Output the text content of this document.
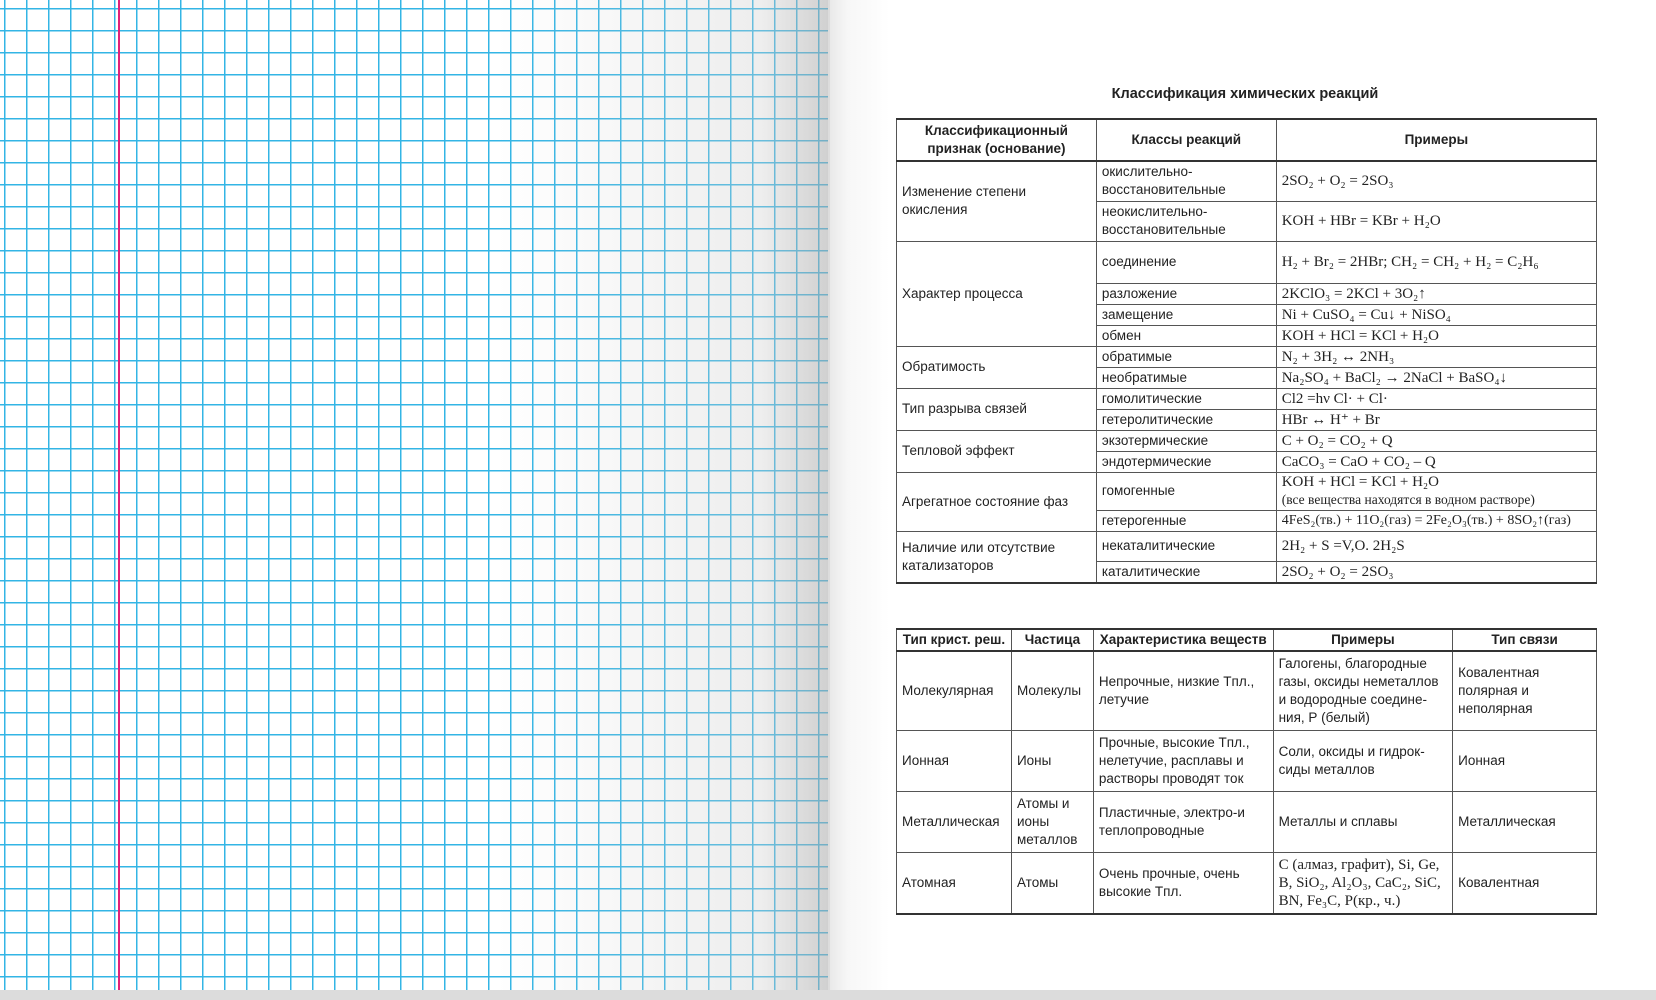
Классификация химических реакций
Классификационный признак (основание)	Классы реакций	Примеры
Изменение степени окисления	окислительно-восстановительные	2SO₂ + O₂ = 2SO₃
	неокислительно-восстановительные	KOH + HBr = KBr + H₂O
Характер процесса	соединение	H₂ + Br₂ = 2HBr; CH₂ = CH₂ + H₂ = C₂H₆
	разложение	2KClO₃ = 2KCl + 3O₂↑
	замещение	Ni + CuSO₄ = Cu↓ + NiSO₄
	обмен	KOH + HCl = KCl + H₂O
Обратимость	обратимые	N₂ + 3H₂ ↔ 2NH₃
	необратимые	Na₂SO₄ + BaCl₂ → 2NaCl + BaSO₄↓
Тип разрыва связей	гомолитические	Cl2 =hν Cl· + Cl·
	гетеролитические	HBr ↔ H⁺ + Br
Тепловой эффект	экзотермические	C + O₂ = CO₂ + Q
	эндотермические	CaCO₃ = CaO + CO₂ – Q
Агрегатное состояние фаз	гомогенные	KOH + HCl = KCl + H₂O
(все вещества находятся в водном растворе)
	гетерогенные	4FeS₂(тв.) + 11O₂(газ) = 2Fe₂O₃(тв.) + 8SO₂↑(газ)
Наличие или отсутствие катализаторов	некаталитические	2H₂ + S =V,O. 2H₂S
	каталитические	2SO₂ + O₂ = 2SO₃
Тип крист. реш.	Частица	Характеристика веществ	Примеры	Тип связи
Молекулярная	Молекулы	Непрочные, низкие Tпл., летучие	Галогены, благородные газы, оксиды неметаллов и водородные соедине-ния, Р (белый)	Ковалентная полярная и неполярная
Ионная	Ионы	Прочные, высокие Tпл., нелетучие, расплавы и растворы проводят ток	Соли, оксиды и гидрок-сиды металлов	Ионная
Металлическая	Атомы и ионы металлов	Пластичные, электро-и теплопроводные	Металлы и сплавы	Металлическая
Атомная	Атомы	Очень прочные, очень высокие Tпл.	С (алмаз, графит), Si, Ge, B, SiO₂, Al₂O₃, CaC₂, SiC, BN, Fe₃C, P(кр., ч.)	Ковалентная
